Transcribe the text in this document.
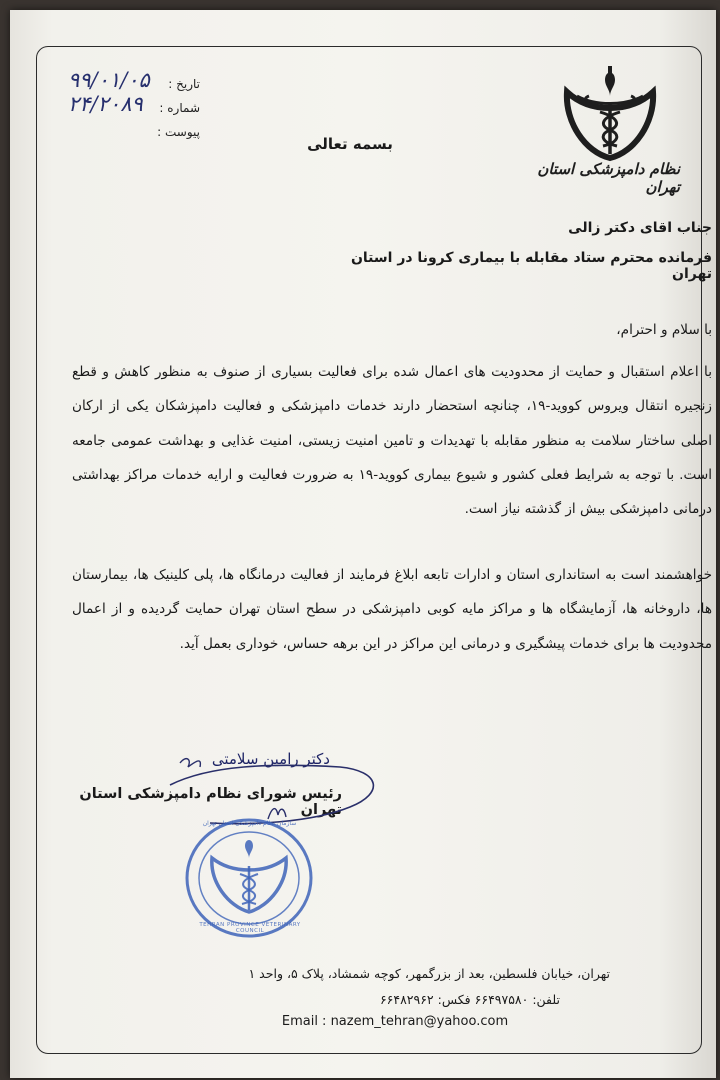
نظام دامپزشکی استان تهران
تاریخ :
۹۹/۰۱/۰۵
شماره :
۲۴/۲۰۸۹
پیوست :
بسمه تعالی
جناب اقای دکتر زالی
فرمانده محترم ستاد مقابله با بیماری کرونا در استان تهران
با سلام و احترام،

با اعلام استقبال و حمایت از محدودیت های اعمال شده برای فعالیت بسیاری از صنوف به منظور کاهش و قطع زنجیره انتقال ویروس کووید-۱۹، چنانچه استحضار دارند خدمات دامپزشکی و فعالیت دامپزشکان یکی از ارکان اصلی ساختار سلامت به منظور مقابله با تهدیدات و تامین امنیت زیستی، امنیت غذایی و بهداشت عمومی جامعه است. با توجه به شرایط فعلی کشور و شیوع بیماری کووید-۱۹ به ضرورت فعالیت و ارایه خدمات مراکز بهداشتی درمانی دامپزشکی بیش از گذشته نیاز است.

خواهشمند است به استانداری استان و ادارات تابعه ابلاغ فرمایند از فعالیت درمانگاه ها، پلی کلینیک ها، بیمارستان ها، داروخانه ها، آزمایشگاه ها و مراکز مایه کوبی دامپزشکی در سطح استان تهران حمایت گردیده و از اعمال محدودیت ها برای خدمات پیشگیری و درمانی این مراکز در این برهه حساس، خوداری بعمل آید.

دکتر رامین سلامتی
رئیس شورای نظام دامپزشکی استان تهران
سازمان نظام دامپزشکی استان تهران
TEHRAN PROVINCE VETERINARY COUNCIL
تهران، خیابان فلسطین، بعد از بزرگمهر، کوچه شمشاد، پلاک ۵، واحد ۱
تلفن: ۶۶۴۹۷۵۸۰ فکس: ۶۶۴۸۲۹۶۲
Email : nazem_tehran@yahoo.com
